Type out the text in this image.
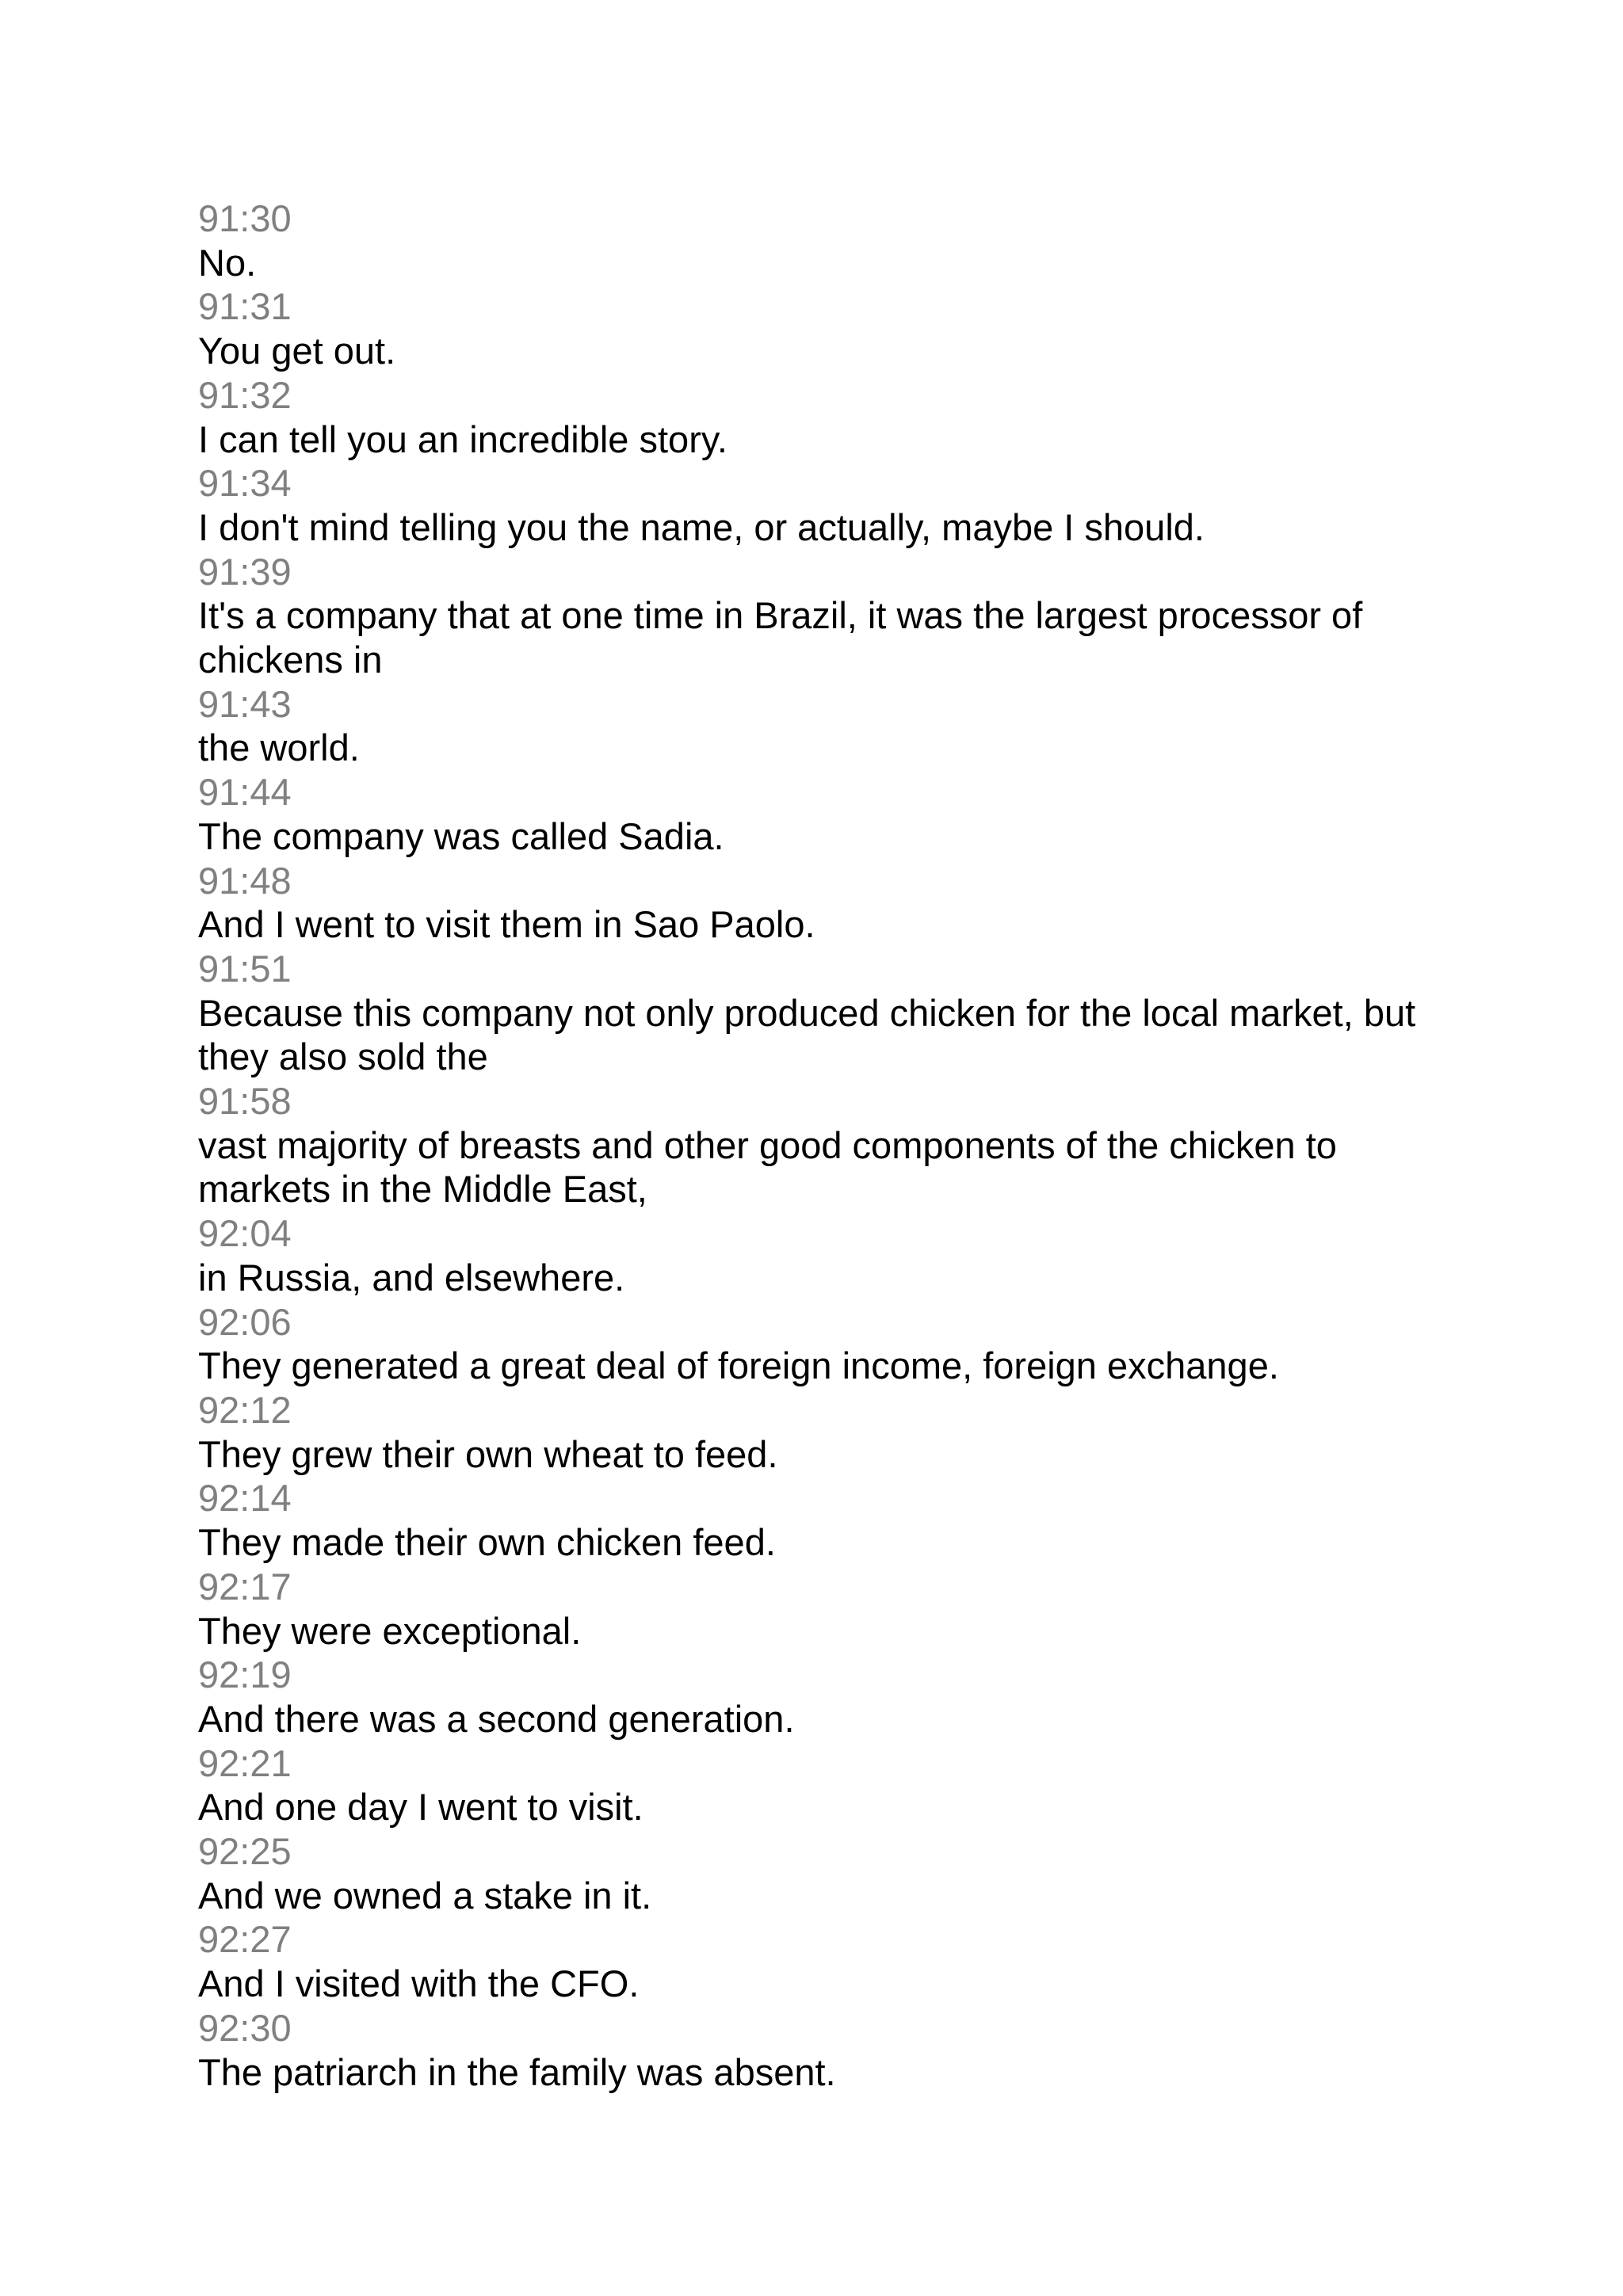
91:30
No.
91:31
You get out.
91:32
I can tell you an incredible story.
91:34
I don't mind telling you the name, or actually, maybe I should.
91:39
It's a company that at one time in Brazil, it was the largest processor of chickens in
91:43
the world.
91:44
The company was called Sadia.
91:48
And I went to visit them in Sao Paolo.
91:51
Because this company not only produced chicken for the local market, but they also sold the
91:58
vast majority of breasts and other good components of the chicken to markets in the Middle East,
92:04
in Russia, and elsewhere.
92:06
They generated a great deal of foreign income, foreign exchange.
92:12
They grew their own wheat to feed.
92:14
They made their own chicken feed.
92:17
They were exceptional.
92:19
And there was a second generation.
92:21
And one day I went to visit.
92:25
And we owned a stake in it.
92:27
And I visited with the CFO.
92:30
The patriarch in the family was absent.
